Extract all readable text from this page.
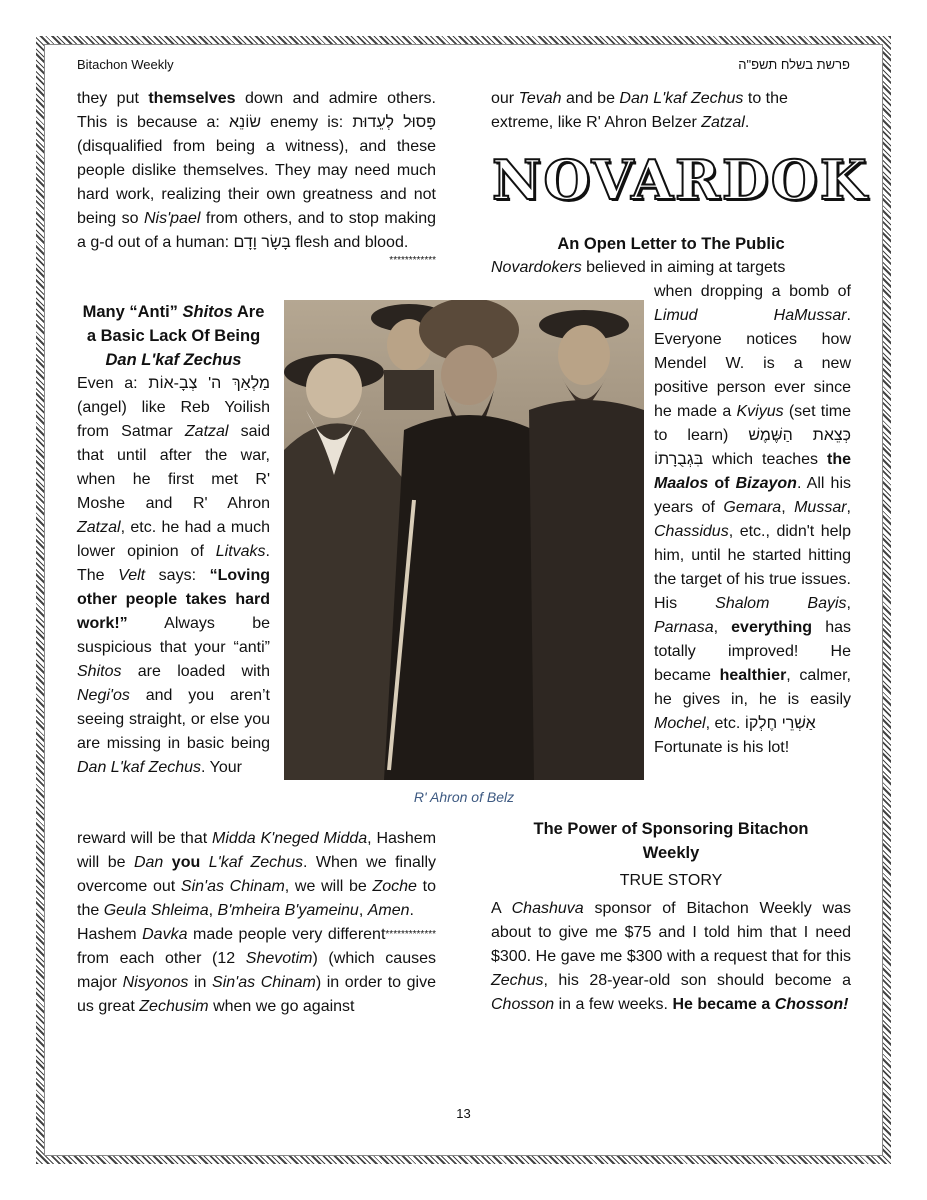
Bitachon Weekly	פרשת בשלח תשפ"ה

they put themselves down and admire others. This is because a: שׂוֹנֵא enemy is: פָּסוּל לְעֵדוּת (disqualified from being a witness), and these people dislike themselves. They may need much hard work, realizing their own greatness and not being so Nis'pael from others, and to stop making a g-d out of a human: בָּשָׂר וָדָם flesh and blood.

************
Many “Anti” Shitos Are a Basic Lack Of Being Dan L'kaf Zechus

Even a: מַלְאַךְ ה' צְבָ-אוֹת (angel) like Reb Yoilish from Satmar Zatzal said that until after the war, when he first met R' Moshe and R' Ahron Zatzal, etc. he had a much lower opinion of Litvaks. The Velt says: “Loving other people takes hard work!” Always be suspicious that your “anti” Shitos are loaded with Negi'os and you aren’t seeing straight, or else you are missing in basic being Dan L'kaf Zechus. Your

R' Ahron of Belz

reward will be that Midda K'neged Midda, Hashem will be Dan you L'kaf Zechus. When we finally overcome out Sin'as Chinam, we will be Zoche to the Geula Shleima, B'mheira B'yameinu, Amen.
*************

Hashem Davka made people very different from each other (12 Shevotim) (which causes major Nisyonos in Sin'as Chinam) in order to give us great Zechusim when we go against

our Tevah and be Dan L'kaf Zechus to the extreme, like R' Ahron Belzer Zatzal.

NOVARDOK
An Open Letter to The Public

Novardokers believed in aiming at targets

when dropping a bomb of Limud HaMussar. Everyone notices how Mendel W. is a new positive person ever since he made a Kviyus (set time to learn) כְּצֵאת הַשֶּׁמֶשׁ בִּגְבֻרָתוֹ which teaches the Maalos of Bizayon. All his years of Gemara, Mussar, Chassidus, etc., didn't help him, until he started hitting the target of his true issues. His Shalom Bayis, Parnasa, everything has totally improved! He became healthier, calmer, he gives in, he is easily Mochel, etc. אַשְׁרֵי חֶלְקוֹ

Fortunate is his lot!

The Power of Sponsoring Bitachon Weekly
TRUE STORY

A Chashuva sponsor of Bitachon Weekly was about to give me $75 and I told him that I need $300. He gave me $300 with a request that for this Zechus, his 28-year-old son should become a Chosson in a few weeks. He became a Chosson!

13
